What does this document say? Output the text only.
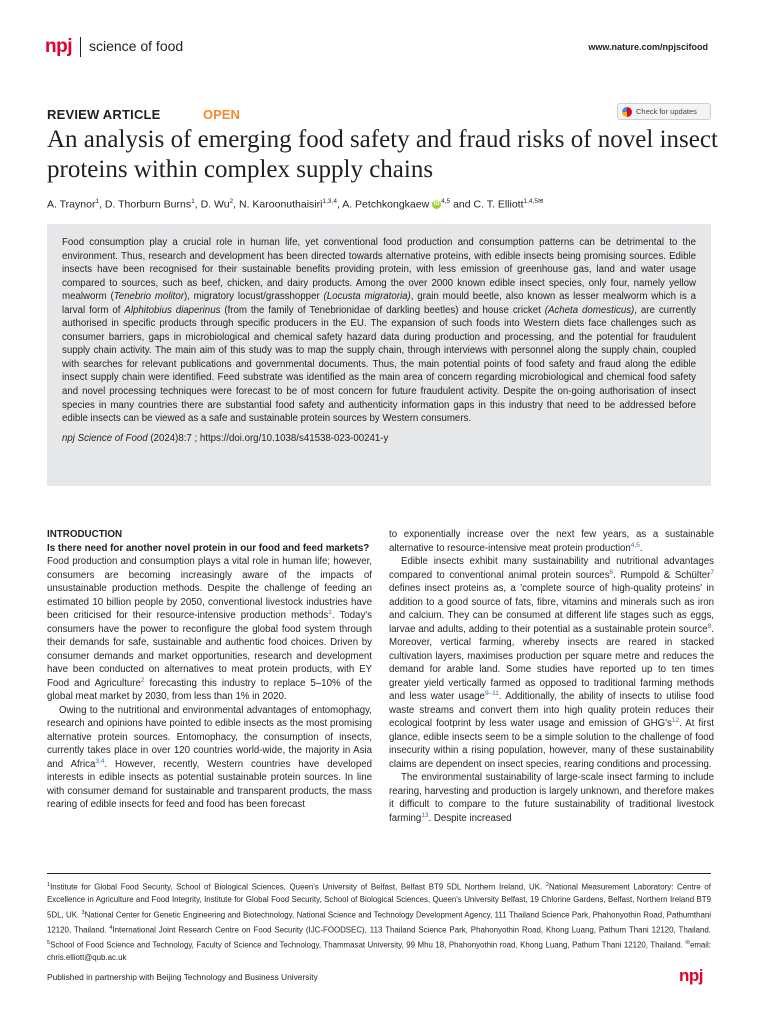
npj science of food	www.nature.com/npjscifood
REVIEW ARTICLE	OPEN	Check for updates
An analysis of emerging food safety and fraud risks of novel insect proteins within complex supply chains
A. Traynor$^1$, D. Thorburn Burns$^1$, D. Wu$^2$, N. Karoonuthaisiri$^{1,3,4}$, A. Petchkongkaew iD $^{4,5}$ and C. T. Elliott$^{1,4,5✉}$

Food consumption play a crucial role in human life, yet conventional food production and consumption patterns can be detrimental to the environment. Thus, research and development has been directed towards alternative proteins, with edible insects being promising sources. Edible insects have been recognised for their sustainable benefits providing protein, with less emission of greenhouse gas, land and water usage compared to sources, such as beef, chicken, and dairy products. Among the over 2000 known edible insect species, only four, namely yellow mealworm (Tenebrio molitor), migratory locust/grasshopper (Locusta migratoria), grain mould beetle, also known as lesser mealworm which is a larval form of Alphitobius diaperinus (from the family of Tenebrionidae of darkling beetles) and house cricket (Acheta domesticus), are currently authorised in specific products through specific producers in the EU. The expansion of such foods into Western diets face challenges such as consumer barriers, gaps in microbiological and chemical safety hazard data during production and processing, and the potential for fraudulent supply chain activity. The main aim of this study was to map the supply chain, through interviews with personnel along the supply chain, coupled with searches for relevant publications and governmental documents. Thus, the main potential points of food safety and fraud along the edible insect supply chain were identified. Feed substrate was identified as the main area of concern regarding microbiological and chemical food safety and novel processing techniques were forecast to be of most concern for future fraudulent activity. Despite the on-going authorisation of insect species in many countries there are substantial food safety and authenticity information gaps in this industry that need to be addressed before edible insects can be viewed as a safe and sustainable protein sources by Western consumers.

npj Science of Food (2024)8:7 ; https://doi.org/10.1038/s41538-023-00241-y

INTRODUCTION

Is there need for another novel protein in our food and feed markets?

Food production and consumption plays a vital role in human life; however, consumers are becoming increasingly aware of the impacts of unsustainable production methods. Despite the challenge of feeding an estimated 10 billion people by 2050, conventional livestock industries have been criticised for their resource-intensive production methods$^1$. Today's consumers have the power to reconfigure the global food system through their demands for safe, sustainable and authentic food choices. Driven by consumer demands and market opportunities, research and development have been conducted on alternatives to meat protein products, with EY Food and Agriculture$^2$ forecasting this industry to replace 5–10% of the global meat market by 2030, from less than 1% in 2020.

Owing to the nutritional and environmental advantages of entomophagy, research and opinions have pointed to edible insects as the most promising alternative protein sources. Entomophacy, the consumption of insects, currently takes place in over 120 countries world-wide, the majority in Asia and Africa$^{3,4}$. However, recently, Western countries have developed interests in edible insects as potential sustainable protein sources. In line with consumer demand for sustainable and transparent products, the mass rearing of edible insects for feed and food has been forecast

to exponentially increase over the next few years, as a sustainable alternative to resource-intensive meat protein production$^{4,5}$.

Edible insects exhibit many sustainability and nutritional advantages compared to conventional animal protein sources$^6$. Rumpold & Schülter$^7$ defines insect proteins as, a 'complete source of high-quality proteins' in addition to a good source of fats, fibre, vitamins and minerals such as iron and calcium. They can be consumed at different life stages such as eggs, larvae and adults, adding to their potential as a sustainable protein source$^8$. Moreover, vertical farming, whereby insects are reared in stacked cultivation layers, maximises production per square metre and reduces the demand for arable land. Some studies have reported up to ten times greater yield vertically farmed as opposed to traditional farming methods and less water usage$^{9-11}$. Additionally, the ability of insects to utilise food waste streams and convert them into high quality protein reduces their ecological footprint by less water usage and emission of GHG's$^{12}$. At first glance, edible insects seem to be a simple solution to the challenge of food insecurity within a rising population, however, many of these sustainability claims are dependent on insect species, rearing conditions and processing.

The environmental sustainability of large-scale insect farming to include rearing, harvesting and production is largely unknown, and therefore makes it difficult to compare to the future sustainability of traditional livestock farming$^{13}$. Despite increased

$^1$Institute for Global Food Security, School of Biological Sciences, Queen's University of Belfast, Belfast BT9 5DL Northern Ireland, UK. $^2$National Measurement Laboratory: Centre of Excellence in Agriculture and Food Integrity, Institute for Global Food Security, School of Biological Sciences, Queen's University Belfast, 19 Chlorine Gardens, Belfast, Northern Ireland BT9 5DL, UK. $^3$National Center for Genetic Engineering and Biotechnology, National Science and Technology Development Agency, 111 Thailand Science Park, Phahonyothin Road, Pathumthani 12120, Thailand. $^4$International Joint Research Centre on Food Security (IJC-FOODSEC), 113 Thailand Science Park, Phahonyothin Road, Khong Luang, Pathum Thani 12120, Thailand. $^5$School of Food Science and Technology, Faculty of Science and Technology, Thammasat University, 99 Mhu 18, Phahonyothin road, Khong Luang, Pathum Thani 12120, Thailand. ✉email: chris.elliott@qub.ac.uk
Published in partnership with Beijing Technology and Business University	npj
